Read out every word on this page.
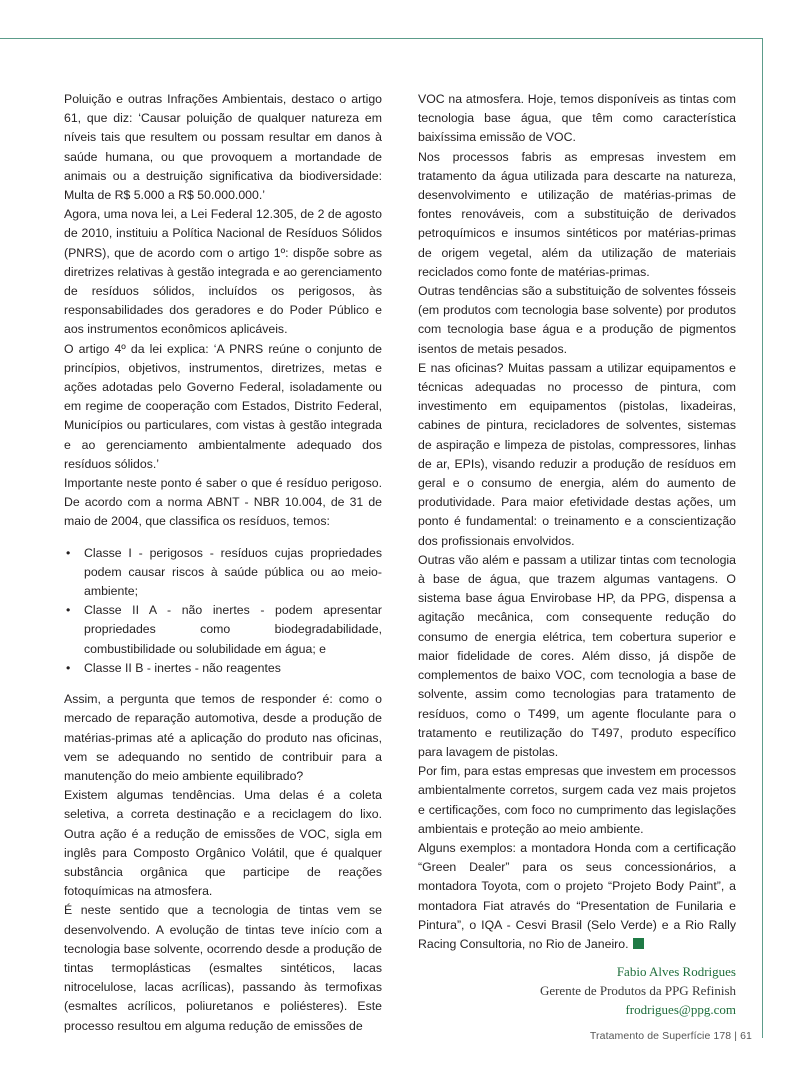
Poluição e outras Infrações Ambientais, destaco o artigo 61, que diz: ‘Causar poluição de qualquer natureza em níveis tais que resultem ou possam resultar em danos à saúde humana, ou que provoquem a mortandade de animais ou a destruição significativa da biodiversidade: Multa de R$ 5.000 a R$ 50.000.000.’

Agora, uma nova lei, a Lei Federal 12.305, de 2 de agosto de 2010, instituiu a Política Nacional de Resíduos Sólidos (PNRS), que de acordo com o artigo 1º: dispõe sobre as diretrizes relativas à gestão integrada e ao gerenciamento de resíduos sólidos, incluídos os perigosos, às responsabilidades dos geradores e do Poder Público e aos instrumentos econômicos aplicáveis.

O artigo 4º da lei explica: ‘A PNRS reúne o conjunto de princípios, objetivos, instrumentos, diretrizes, metas e ações adotadas pelo Governo Federal, isoladamente ou em regime de cooperação com Estados, Distrito Federal, Municípios ou particulares, com vistas à gestão integrada e ao gerenciamento ambientalmente adequado dos resíduos sólidos.’

Importante neste ponto é saber o que é resíduo perigoso. De acordo com a norma ABNT - NBR 10.004, de 31 de maio de 2004, que classifica os resíduos, temos:

• Classe I - perigosos - resíduos cujas propriedades podem causar riscos à saúde pública ou ao meio-ambiente;
• Classe II A - não inertes - podem apresentar propriedades como biodegradabilidade, combustibilidade ou solubilidade em água; e
• Classe II B - inertes - não reagentes

Assim, a pergunta que temos de responder é: como o mercado de reparação automotiva, desde a produção de matérias-primas até a aplicação do produto nas oficinas, vem se adequando no sentido de contribuir para a manutenção do meio ambiente equilibrado?

Existem algumas tendências. Uma delas é a coleta seletiva, a correta destinação e a reciclagem do lixo. Outra ação é a redução de emissões de VOC, sigla em inglês para Composto Orgânico Volátil, que é qualquer substância orgânica que participe de reações fotoquímicas na atmosfera.

É neste sentido que a tecnologia de tintas vem se desenvolvendo. A evolução de tintas teve início com a tecnologia base solvente, ocorrendo desde a produção de tintas termoplásticas (esmaltes sintéticos, lacas nitrocelulose, lacas acrílicas), passando às termofixas (esmaltes acrílicos, poliuretanos e poliésteres). Este processo resultou em alguma redução de emissões de

VOC na atmosfera. Hoje, temos disponíveis as tintas com tecnologia base água, que têm como característica baixíssima emissão de VOC.

Nos processos fabris as empresas investem em tratamento da água utilizada para descarte na natureza, desenvolvimento e utilização de matérias-primas de fontes renováveis, com a substituição de derivados petroquímicos e insumos sintéticos por matérias-primas de origem vegetal, além da utilização de materiais reciclados como fonte de matérias-primas.

Outras tendências são a substituição de solventes fósseis (em produtos com tecnologia base solvente) por produtos com tecnologia base água e a produção de pigmentos isentos de metais pesados.

E nas oficinas? Muitas passam a utilizar equipamentos e técnicas adequadas no processo de pintura, com investimento em equipamentos (pistolas, lixadeiras, cabines de pintura, recicladores de solventes, sistemas de aspiração e limpeza de pistolas, compressores, linhas de ar, EPIs), visando reduzir a produção de resíduos em geral e o consumo de energia, além do aumento de produtividade. Para maior efetividade destas ações, um ponto é fundamental: o treinamento e a conscientização dos profissionais envolvidos.

Outras vão além e passam a utilizar tintas com tecnologia à base de água, que trazem algumas vantagens. O sistema base água Envirobase HP, da PPG, dispensa a agitação mecânica, com consequente redução do consumo de energia elétrica, tem cobertura superior e maior fidelidade de cores. Além disso, já dispõe de complementos de baixo VOC, com tecnologia a base de solvente, assim como tecnologias para tratamento de resíduos, como o T499, um agente floculante para o tratamento e reutilização do T497, produto específico para lavagem de pistolas.

Por fim, para estas empresas que investem em processos ambientalmente corretos, surgem cada vez mais projetos e certificações, com foco no cumprimento das legislações ambientais e proteção ao meio ambiente.

Alguns exemplos: a montadora Honda com a certificação “Green Dealer” para os seus concessionários, a montadora Toyota, com o projeto “Projeto Body Paint”, a montadora Fiat através do “Presentation de Funilaria e Pintura”, o IQA - Cesvi Brasil (Selo Verde) e a Rio Rally Racing Consultoria, no Rio de Janeiro.

Fabio Alves Rodrigues
Gerente de Produtos da PPG Refinish
frodrigues@ppg.com
Tratamento de Superfície 178 | 61
